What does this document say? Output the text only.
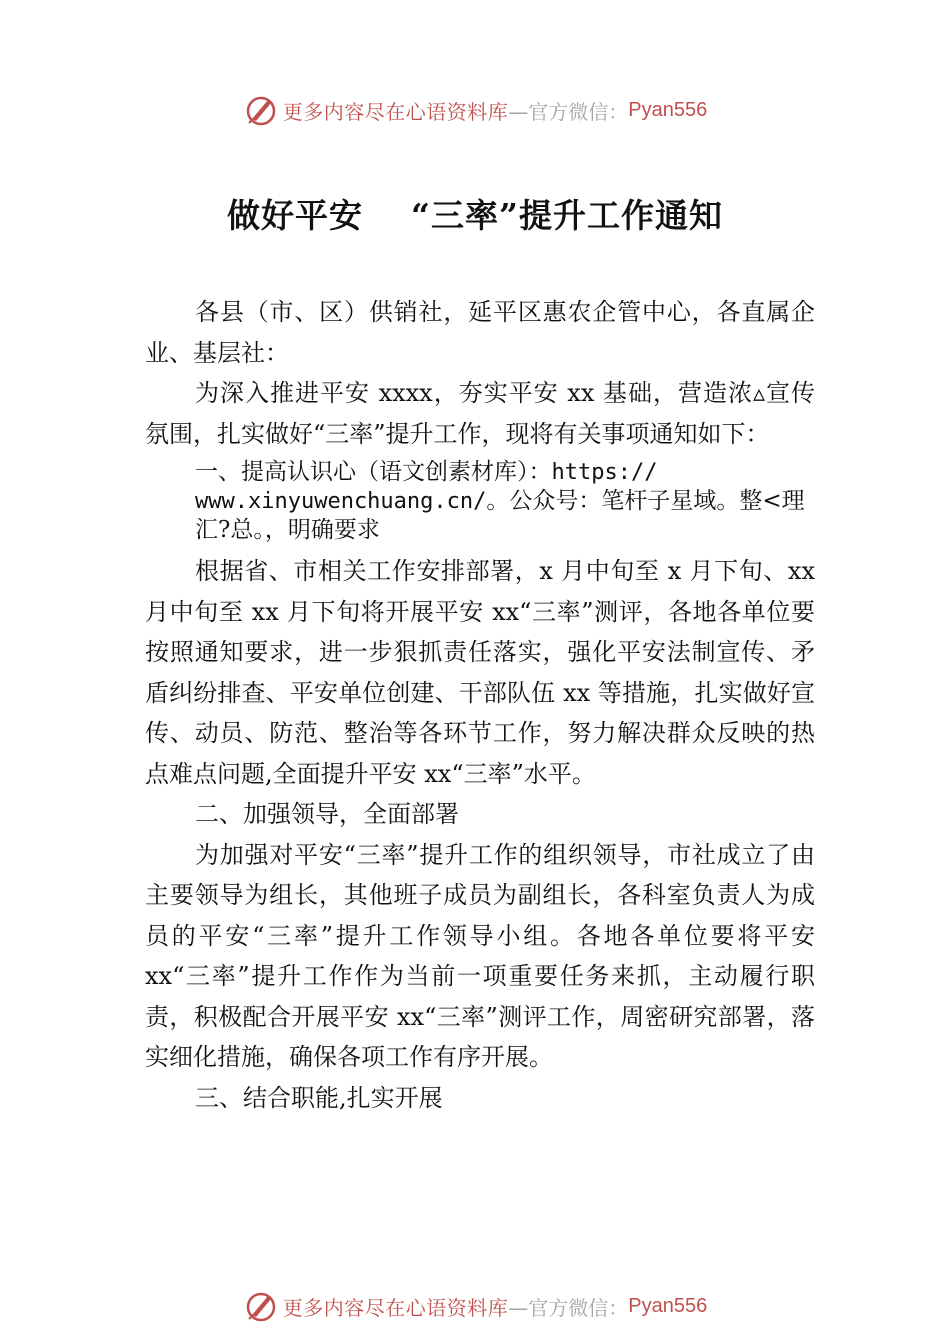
更多内容尽在心语资料库 —官方微信： Pyan556
做好平安 “三率”提升工作通知

各县（市、区）供销社，延平区惠农企管中心，各直属企业、基层社：

为深入推进平安 xxxx，夯实平安 xx 基础，营造浓▵宣传氛围，扎实做好“三率”提升工作，现将有关事项通知如下：

一、提高认识心（语文创素材库）：https://
www.xinyuwenchuang.cn/。公众号：笔杆子星域。整<理
汇?总。，明确要求

根据省、市相关工作安排部署，x 月中旬至 x 月下旬、xx 月中旬至 xx 月下旬将开展平安 xx“三率”测评，各地各单位要按照通知要求，进一步狠抓责任落实，强化平安法制宣传、矛盾纠纷排查、平安单位创建、干部队伍 xx 等措施，扎实做好宣传、动员、防范、整治等各环节工作，努力解决群众反映的热点难点问题,全面提升平安 xx“三率”水平。

二、加强领导，全面部署

为加强对平安“三率”提升工作的组织领导，市社成立了由主要领导为组长，其他班子成员为副组长，各科室负责人为成员的平安“三率”提升工作领导小组。各地各单位要将平安 xx“三率”提升工作作为当前一项重要任务来抓，主动履行职责，积极配合开展平安 xx“三率”测评工作，周密研究部署，落实细化措施，确保各项工作有序开展。

三、结合职能,扎实开展

更多内容尽在心语资料库 —官方微信： Pyan556
